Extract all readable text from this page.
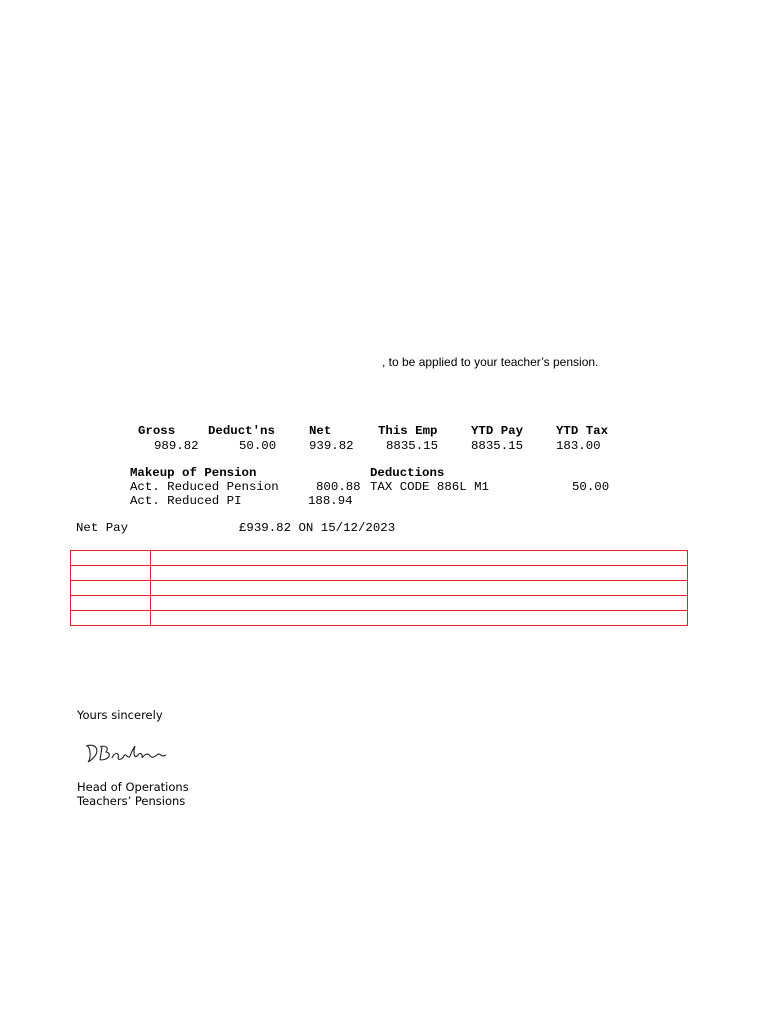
, to be applied to your teacher’s pension.
Gross	Deduct'ns	Net	This Emp	YTD Pay	YTD Tax
989.82	50.00	939.82	8835.15	8835.15	183.00
Makeup of Pension
Act. Reduced Pension	800.88
Act. Reduced PI	188.94
Deductions
TAX CODE 886L M1	50.00
Net Pay	£939.82 ON 15/12/2023

Yours sincerely
Head of Operations
Teachers’ Pensions
